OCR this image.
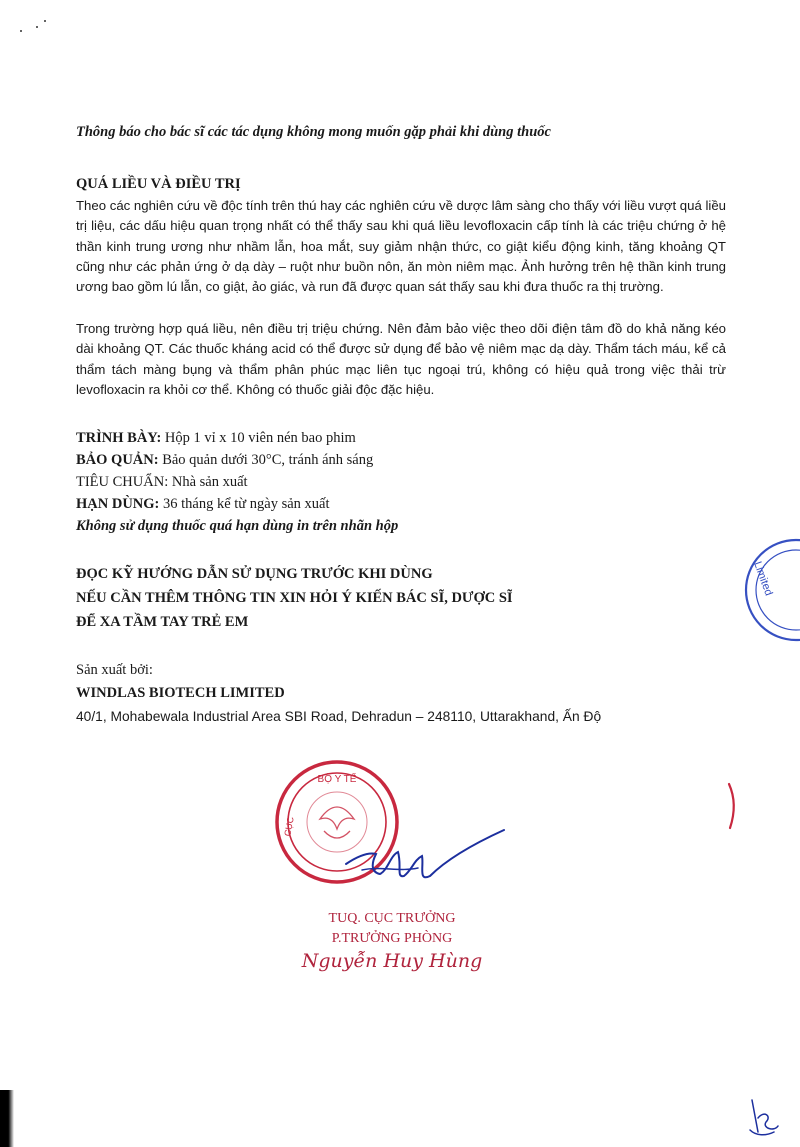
Thông báo cho bác sĩ các tác dụng không mong muốn gặp phải khi dùng thuốc

QUÁ LIỀU VÀ ĐIỀU TRỊ

Theo các nghiên cứu về độc tính trên thú hay các nghiên cứu về dược lâm sàng cho thấy với liều vượt quá liều trị liệu, các dấu hiệu quan trọng nhất có thể thấy sau khi quá liều levofloxacin cấp tính là các triệu chứng ở hệ thần kinh trung ương như nhầm lẫn, hoa mắt, suy giảm nhận thức, co giật kiểu động kinh, tăng khoảng QT cũng như các phản ứng ở dạ dày – ruột như buồn nôn, ăn mòn niêm mạc. Ảnh hưởng trên hệ thần kinh trung ương bao gồm lú lẫn, co giật, ảo giác, và run đã được quan sát thấy sau khi đưa thuốc ra thị trường.

Trong trường hợp quá liều, nên điều trị triệu chứng. Nên đảm bảo việc theo dõi điện tâm đồ do khả năng kéo dài khoảng QT. Các thuốc kháng acid có thể được sử dụng để bảo vệ niêm mạc dạ dày. Thẩm tách máu, kể cả thẩm tách màng bụng và thẩm phân phúc mạc liên tục ngoại trú, không có hiệu quả trong việc thải trừ levofloxacin ra khỏi cơ thể. Không có thuốc giải độc đặc hiệu.

TRÌNH BÀY: Hộp 1 vỉ x 10 viên nén bao phim
BẢO QUẢN: Bảo quản dưới 30°C, tránh ánh sáng
TIÊU CHUẨN: Nhà sản xuất
HẠN DÙNG: 36 tháng kể từ ngày sản xuất
Không sử dụng thuốc quá hạn dùng in trên nhãn hộp
ĐỌC KỸ HƯỚNG DẪN SỬ DỤNG TRƯỚC KHI DÙNG
NẾU CẦN THÊM THÔNG TIN XIN HỎI Ý KIẾN BÁC SĨ, DƯỢC SĨ
ĐỂ XA TẦM TAY TRẺ EM
Sản xuất bởi:
WINDLAS BIOTECH LIMITED
40/1, Mohabewala Industrial Area SBI Road, Dehradun – 248110, Uttarakhand, Ấn Độ
BỘ Y TẾ
CỤC
TUQ. CỤC TRƯỞNG
P.TRƯỞNG PHÒNG
Nguyễn Huy Hùng
Limited
